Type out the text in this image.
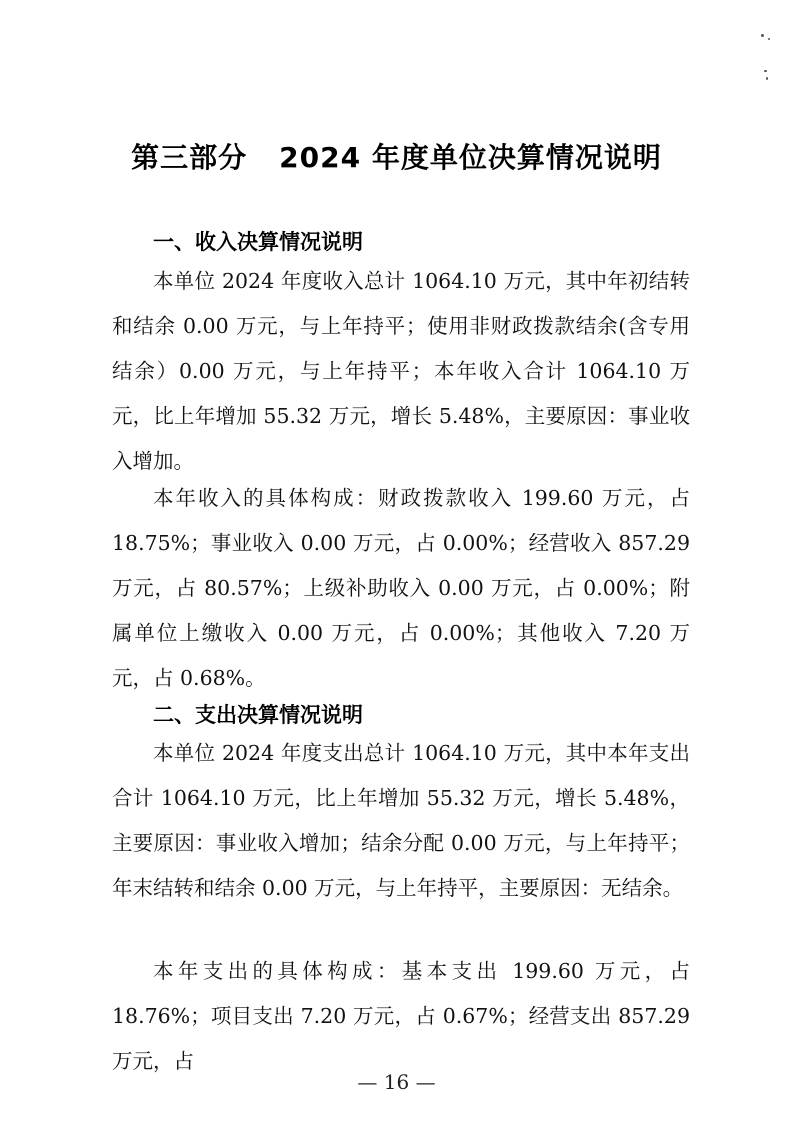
第三部分 2024 年度单位决算情况说明
一、收入决算情况说明

本单位 2024 年度收入总计 1064.10 万元，其中年初结转和结余 0.00 万元，与上年持平；使用非财政拨款结余(含专用结余）0.00 万元，与上年持平；本年收入合计 1064.10 万元，比上年增加 55.32 万元，增长 5.48%，主要原因：事业收入增加。

本年收入的具体构成：财政拨款收入 199.60 万元，占 18.75%；事业收入 0.00 万元，占 0.00%；经营收入 857.29 万元，占 80.57%；上级补助收入 0.00 万元，占 0.00%；附属单位上缴收入 0.00 万元，占 0.00%；其他收入 7.20 万元，占 0.68%。

二、支出决算情况说明

本单位 2024 年度支出总计 1064.10 万元，其中本年支出合计 1064.10 万元，比上年增加 55.32 万元，增长 5.48%，主要原因：事业收入增加；结余分配 0.00 万元，与上年持平；年末结转和结余 0.00 万元，与上年持平，主要原因：无结余。

本年支出的具体构成：基本支出 199.60 万元，占 18.76%；项目支出 7.20 万元，占 0.67%；经营支出 857.29 万元，占

— 16 —
